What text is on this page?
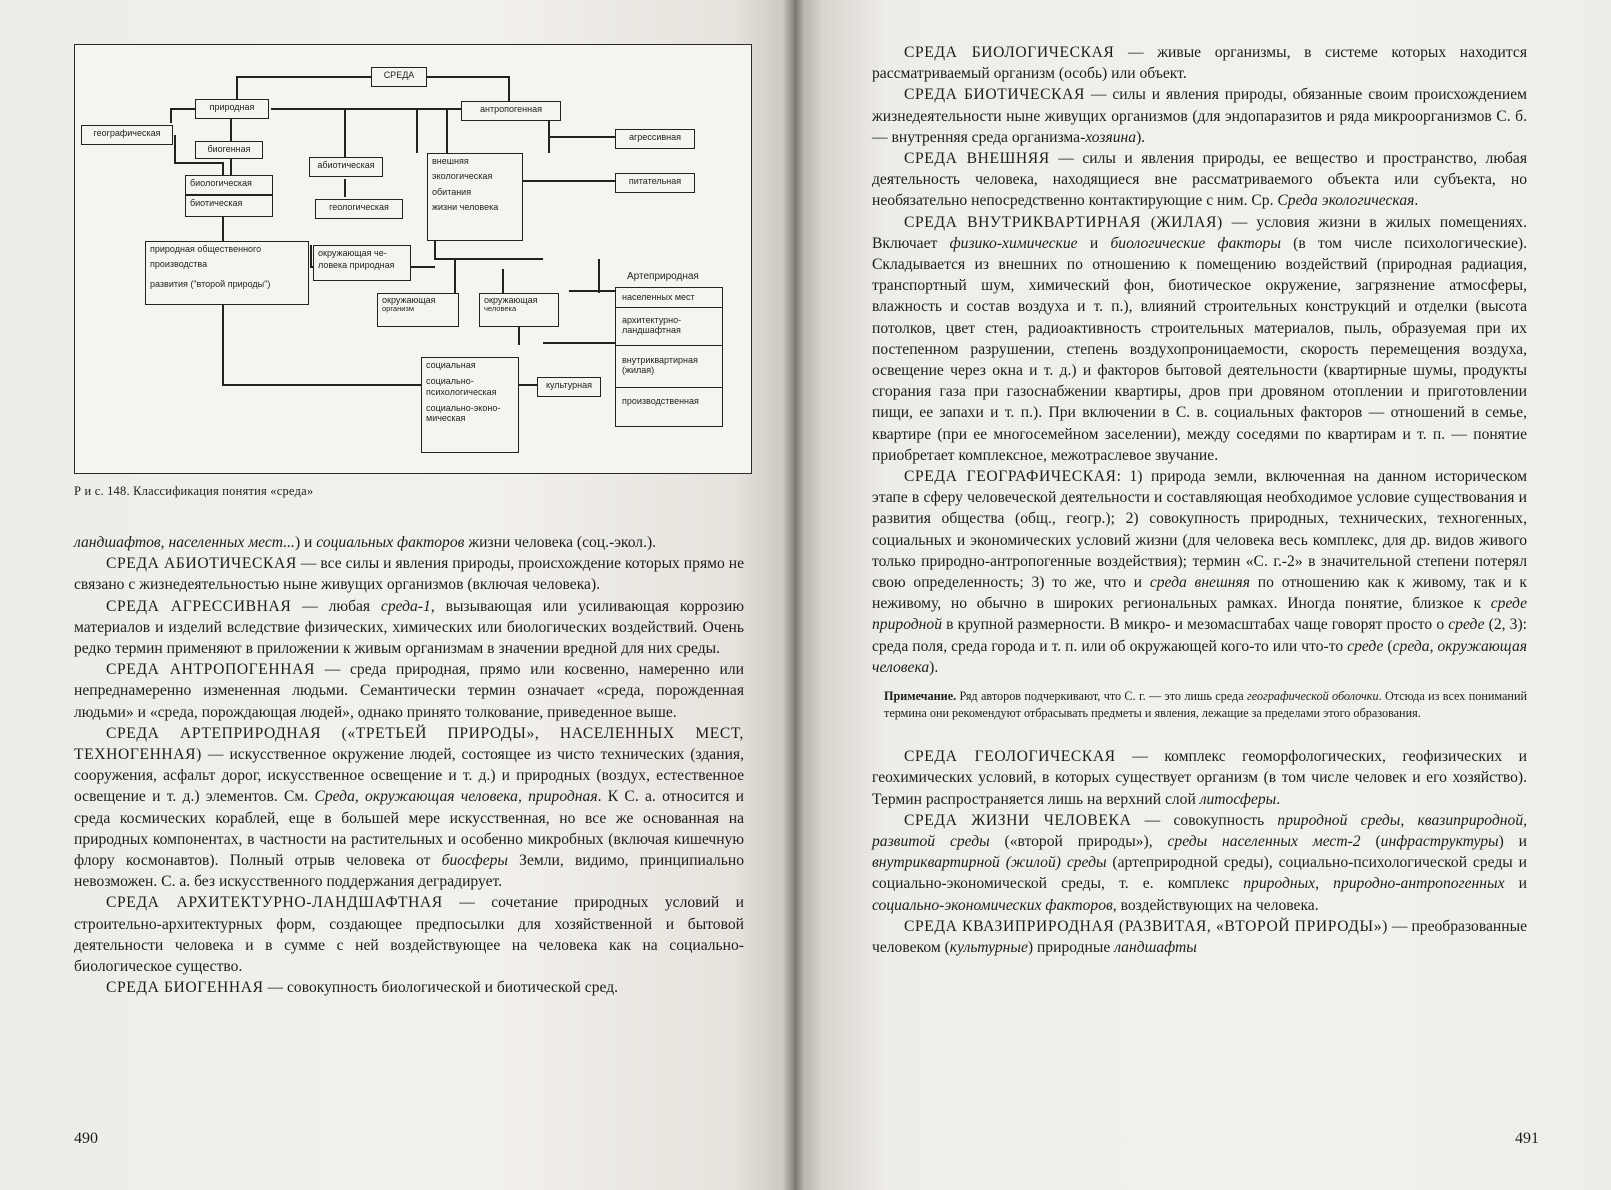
СРЕДА
природная	антропогенная
географическая	агрессивная
биогенная
абиотическая	внешняя
экологическая
обитания
жизни человека
питательная
биологическая
биотическая	геологическая
природная общественного
производства
развития ("второй природы")
окружающая че-
ловека природная
Артеприродная
населенных мест
архитектурно-
ландшафтная
внутриквартирная
(жилая)
производственная
окружающая
организм
окружающая
человека
социальная
социально-
психологическая
социально-эконо-
мическая
культурная
Р и с. 148. Классификация понятия «среда»

ландшафтов, населенных мест...) и социальных факторов жизни человека (соц.-экол.).

СРЕДА АБИОТИЧЕСКАЯ — все силы и явления природы, происхождение которых прямо не связано с жизнедеятельностью ныне живущих организмов (включая человека).

СРЕДА АГРЕССИВНАЯ — любая среда-1, вызывающая или усиливающая коррозию материалов и изделий вследствие физических, химических или биологических воздействий. Очень редко термин применяют в приложении к живым организмам в значении вредной для них среды.

СРЕДА АНТРОПОГЕННАЯ — среда природная, прямо или косвенно, намеренно или непреднамеренно измененная людьми. Семантически термин означает «среда, порожденная людьми» и «среда, порождающая людей», однако принято толкование, приведенное выше.

СРЕДА АРТЕПРИРОДНАЯ («ТРЕТЬЕЙ ПРИРОДЫ», НАСЕЛЕННЫХ МЕСТ, ТЕХНОГЕННАЯ) — искусственное окружение людей, состоящее из чисто технических (здания, сооружения, асфальт дорог, искусственное освещение и т. д.) и природных (воздух, естественное освещение и т. д.) элементов. См. Среда, окружающая человека, природная. К С. а. относится и среда космических кораблей, еще в большей мере искусственная, но все же основанная на природных компонентах, в частности на растительных и особенно микробных (включая кишечную флору космонавтов). Полный отрыв человека от биосферы Земли, видимо, принципиально невозможен. С. а. без искусственного поддержания деградирует.

СРЕДА АРХИТЕКТУРНО-ЛАНДШАФТНАЯ — сочетание природных условий и строительно-архитектурных форм, создающее предпосылки для хозяйственной и бытовой деятельности человека и в сумме с ней воздействующее на человека как на социально-биологическое существо.

СРЕДА БИОГЕННАЯ — совокупность биологической и биотической сред.

490	491

СРЕДА БИОЛОГИЧЕСКАЯ — живые организмы, в системе которых находится рассматриваемый организм (особь) или объект.

СРЕДА БИОТИЧЕСКАЯ — силы и явления природы, обязанные своим происхождением жизнедеятельности ныне живущих организмов (для эндопаразитов и ряда микроорганизмов С. б. — внутренняя среда организма-хозяина).

СРЕДА ВНЕШНЯЯ — силы и явления природы, ее вещество и пространство, любая деятельность человека, находящиеся вне рассматриваемого объекта или субъекта, но необязательно непосредственно контактирующие с ним. Ср. Среда экологическая.

СРЕДА ВНУТРИКВАРТИРНАЯ (ЖИЛАЯ) — условия жизни в жилых помещениях. Включает физико-химические и биологические факторы (в том числе психологические). Складывается из внешних по отношению к помещению воздействий (природная радиация, транспортный шум, химический фон, биотическое окружение, загрязнение атмосферы, влажность и состав воздуха и т. п.), влияний строительных конструкций и отделки (высота потолков, цвет стен, радиоактивность строительных материалов, пыль, образуемая при их постепенном разрушении, степень воздухопроницаемости, скорость перемещения воздуха, освещение через окна и т. д.) и факторов бытовой деятельности (квартирные шумы, продукты сгорания газа при газоснабжении квартиры, дров при дровяном отоплении и приготовлении пищи, ее запахи и т. п.). При включении в С. в. социальных факторов — отношений в семье, квартире (при ее многосемейном заселении), между соседями по квартирам и т. п. — понятие приобретает комплексное, межотраслевое звучание.

СРЕДА ГЕОГРАФИЧЕСКАЯ: 1) природа земли, включенная на данном историческом этапе в сферу человеческой деятельности и составляющая необходимое условие существования и развития общества (общ., геогр.); 2) совокупность природных, технических, техногенных, социальных и экономических условий жизни (для человека весь комплекс, для др. видов живого только природно-антропогенные воздействия); термин «С. г.-2» в значительной степени потерял свою определенность; 3) то же, что и среда внешняя по отношению как к живому, так и к неживому, но обычно в широких региональных рамках. Иногда понятие, близкое к среде природной в крупной размерности. В микро- и мезомасштабах чаще говорят просто о среде (2, 3): среда поля, среда города и т. п. или об окружающей кого-то или что-то среде (среда, окружающая человека).

Примечание. Ряд авторов подчеркивают, что С. г. — это лишь среда географической оболочки. Отсюда из всех пониманий термина они рекомендуют отбрасывать предметы и явления, лежащие за пределами этого образования.

СРЕДА ГЕОЛОГИЧЕСКАЯ — комплекс геоморфологических, геофизических и геохимических условий, в которых существует организм (в том числе человек и его хозяйство). Термин распространяется лишь на верхний слой литосферы.

СРЕДА ЖИЗНИ ЧЕЛОВЕКА — совокупность природной среды, квазиприродной, развитой среды («второй природы»), среды населенных мест-2 (инфраструктуры) и внутриквартирной (жилой) среды (артеприродной среды), социально-психологической среды и социально-экономической среды, т. е. комплекс природных, природно-антропогенных и социально-экономических факторов, воздействующих на человека.

СРЕДА КВАЗИПРИРОДНАЯ (РАЗВИТАЯ, «ВТОРОЙ ПРИРОДЫ») — преобразованные человеком (культурные) природные ландшафты
